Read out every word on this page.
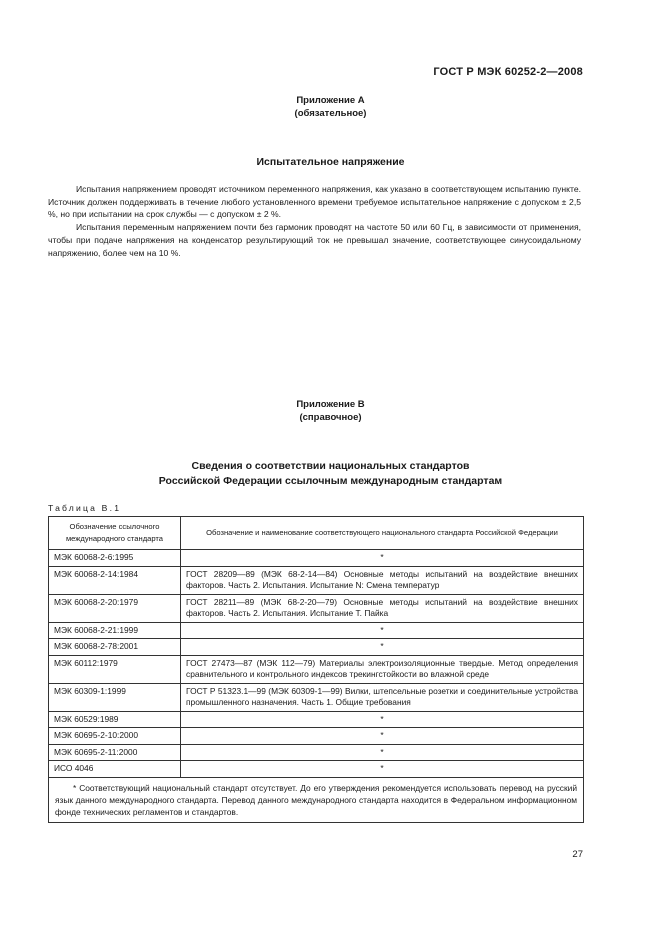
ГОСТ Р МЭК 60252-2—2008
Приложение А
(обязательное)
Испытательное напряжение

Испытания напряжением проводят источником переменного напряжения, как указано в соответствующем испытанию пункте. Источник должен поддерживать в течение любого установленного времени требуемое испытательное напряжение с допуском ± 2,5 %, но при испытании на срок службы — с допуском ± 2 %.

Испытания переменным напряжением почти без гармоник проводят на частоте 50 или 60 Гц, в зависимости от применения, чтобы при подаче напряжения на конденсатор результирующий ток не превышал значение, соответствующее синусоидальному напряжению, более чем на 10 %.

Приложение В
(справочное)
Сведения о соответствии национальных стандартов
Российской Федерации ссылочным международным стандартам
Таблица В.1
Обозначение ссылочного международного стандарта	Обозначение и наименование соответствующего национального стандарта Российской Федерации
МЭК 60068-2-6:1995	*
МЭК 60068-2-14:1984	ГОСТ 28209—89 (МЭК 68-2-14—84) Основные методы испытаний на воздействие внешних факторов. Часть 2. Испытания. Испытание N: Смена температур
МЭК 60068-2-20:1979	ГОСТ 28211—89 (МЭК 68-2-20—79) Основные методы испытаний на воздействие внешних факторов. Часть 2. Испытания. Испытание Т. Пайка
МЭК 60068-2-21:1999	*
МЭК 60068-2-78:2001	*
МЭК 60112:1979	ГОСТ 27473—87 (МЭК 112—79) Материалы электроизоляционные твердые. Метод определения сравнительного и контрольного индексов трекингстойкости во влажной среде
МЭК 60309-1:1999	ГОСТ Р 51323.1—99 (МЭК 60309-1—99) Вилки, штепсельные розетки и соединительные устройства промышленного назначения. Часть 1. Общие требования
МЭК 60529:1989	*
МЭК 60695-2-10:2000	*
МЭК 60695-2-11:2000	*
ИСО 4046	*

* Соответствующий национальный стандарт отсутствует. До его утверждения рекомендуется использовать перевод на русский язык данного международного стандарта. Перевод данного международного стандарта находится в Федеральном информационном фонде технических регламентов и стандартов.	
27
